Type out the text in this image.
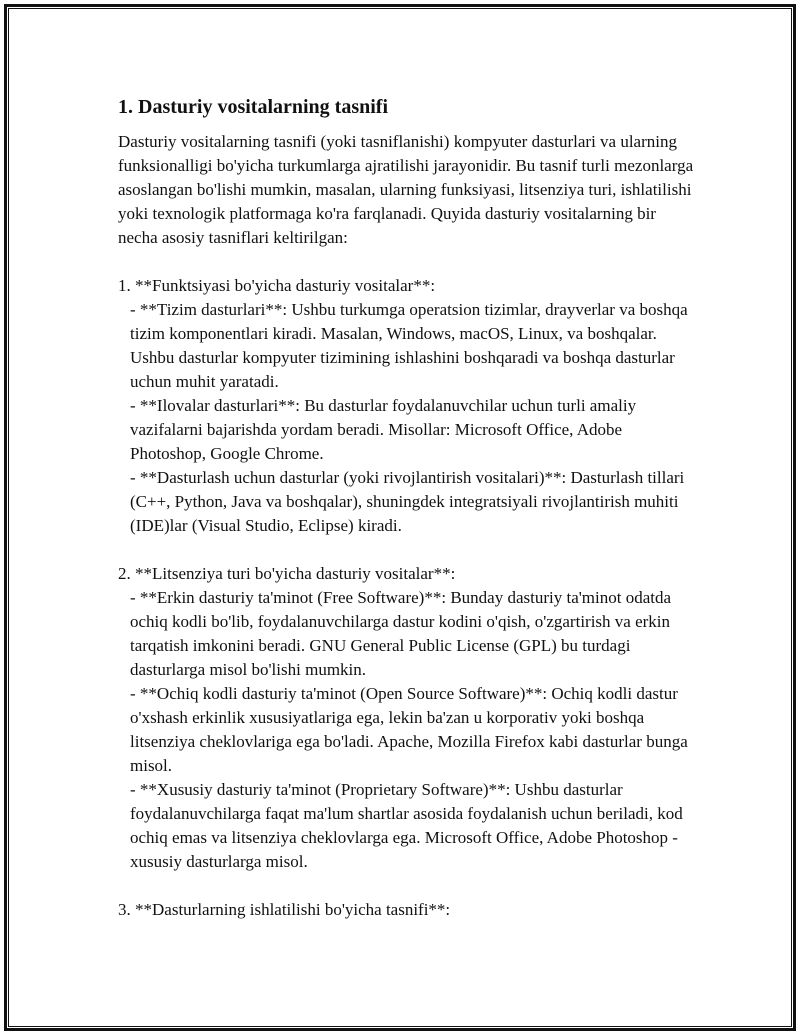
1. Dasturiy vositalarning tasnifi

Dasturiy vositalarning tasnifi (yoki tasniflanishi) kompyuter dasturlari va ularning funksionalligi bo'yicha turkumlarga ajratilishi jarayonidir. Bu tasnif turli mezonlarga asoslangan bo'lishi mumkin, masalan, ularning funksiyasi, litsenziya turi, ishlatilishi yoki texnologik platformaga ko'ra farqlanadi. Quyida dasturiy vositalarning bir necha asosiy tasniflari keltirilgan:

1. **Funktsiyasi bo'yicha dasturiy vositalar**:

- **Tizim dasturlari**: Ushbu turkumga operatsion tizimlar, drayverlar va boshqa tizim komponentlari kiradi. Masalan, Windows, macOS, Linux, va boshqalar. Ushbu dasturlar kompyuter tizimining ishlashini boshqaradi va boshqa dasturlar uchun muhit yaratadi.

- **Ilovalar dasturlari**: Bu dasturlar foydalanuvchilar uchun turli amaliy vazifalarni bajarishda yordam beradi. Misollar: Microsoft Office, Adobe Photoshop, Google Chrome.

- **Dasturlash uchun dasturlar (yoki rivojlantirish vositalari)**: Dasturlash tillari (C++, Python, Java va boshqalar), shuningdek integratsiyali rivojlantirish muhiti (IDE)lar (Visual Studio, Eclipse) kiradi.

2. **Litsenziya turi bo'yicha dasturiy vositalar**:

- **Erkin dasturiy ta'minot (Free Software)**: Bunday dasturiy ta'minot odatda ochiq kodli bo'lib, foydalanuvchilarga dastur kodini o'qish, o'zgartirish va erkin tarqatish imkonini beradi. GNU General Public License (GPL) bu turdagi dasturlarga misol bo'lishi mumkin.

- **Ochiq kodli dasturiy ta'minot (Open Source Software)**: Ochiq kodli dastur o'xshash erkinlik xususiyatlariga ega, lekin ba'zan u korporativ yoki boshqa litsenziya cheklovlariga ega bo'ladi. Apache, Mozilla Firefox kabi dasturlar bunga misol.

- **Xususiy dasturiy ta'minot (Proprietary Software)**: Ushbu dasturlar foydalanuvchilarga faqat ma'lum shartlar asosida foydalanish uchun beriladi, kod ochiq emas va litsenziya cheklovlarga ega. Microsoft Office, Adobe Photoshop - xususiy dasturlarga misol.

3. **Dasturlarning ishlatilishi bo'yicha tasnifi**:
